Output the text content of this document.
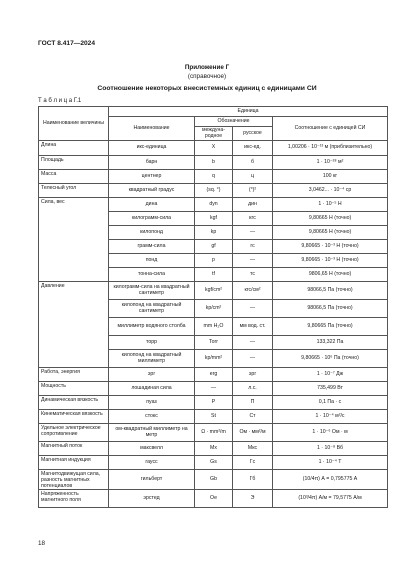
ГОСТ 8.417—2024
Приложение Г
(справочное)
Соотношение некоторых внесистемных единиц с единицами СИ
Т а б л и ц а Г.1
Наименование величины	Единица			
	Наименование	Обозначение		Соотношение с единицей СИ
		междуна-родное	русское	
Длина	икс-единица	X	икс-ед.	1,00206 · 10⁻¹³ м (приблизительно)
Площадь	барн	b	б	1 · 10⁻²⁸ м²
Масса	центнер	q	ц	100 кг
Телесный угол	квадратный градус	(sq. °)	(°)²	3,0462... · 10⁻⁴ ср
Сила, вес	дина	dyn	дин	1 · 10⁻⁵ Н
	килограмм-сила	kgf	кгс	9,80665 Н (точно)
	килопонд	kp	—	9,80665 Н (точно)
	грамм-сила	gf	гс	9,80665 · 10⁻³ Н (точно)
	понд	p	—	9,80665 · 10⁻³ Н (точно)
	тонна-сила	tf	тс	9806,65 Н (точно)
Давление	килограмм-сила на квадратный сантиметр	kgf/cm²	кгс/см²	98066,5 Па (точно)
	килопонд на квадратный сантиметр	kp/cm²	—	98066,5 Па (точно)
	миллиметр водяного столба	mm H₂O	мм вод. ст.	9,80665 Па (точно)
	торр	Torr	—	133,322 Па
	килопонд на квадратный миллиметр	kp/mm²	—	9,80665 · 10⁶ Па (точно)
Работа, энергия	эрг	erg	эрг	1 · 10⁻⁷ Дж
Мощность	лошадиная сила	—	л.с.	735,499 Вт
Динамическая вязкость	пуаз	P	П	0,1 Па · с
Кинематическая вязкость	стокс	St	Ст	1 · 10⁻⁴ м²/с
Удельное электрическое сопротивление	ом-квадратный миллиметр на метр	Ω · mm²/m	Ом · мм²/м	1 · 10⁻⁶ Ом · м
Магнитный поток	максвелл	Mx	Мкс	1 · 10⁻⁸ Вб
Магнитная индукция	гаусс	Gs	Гс	1 · 10⁻⁴ Т
Магнитодвижущая сила, разность магнитных потенциалов	гильберт	Gb	Гб	(10/4π) А = 0,795775 А
Напряженность магнитного поля	эрстед	Oe	Э	(10³/4π) А/м = 79,5775 А/м
18
